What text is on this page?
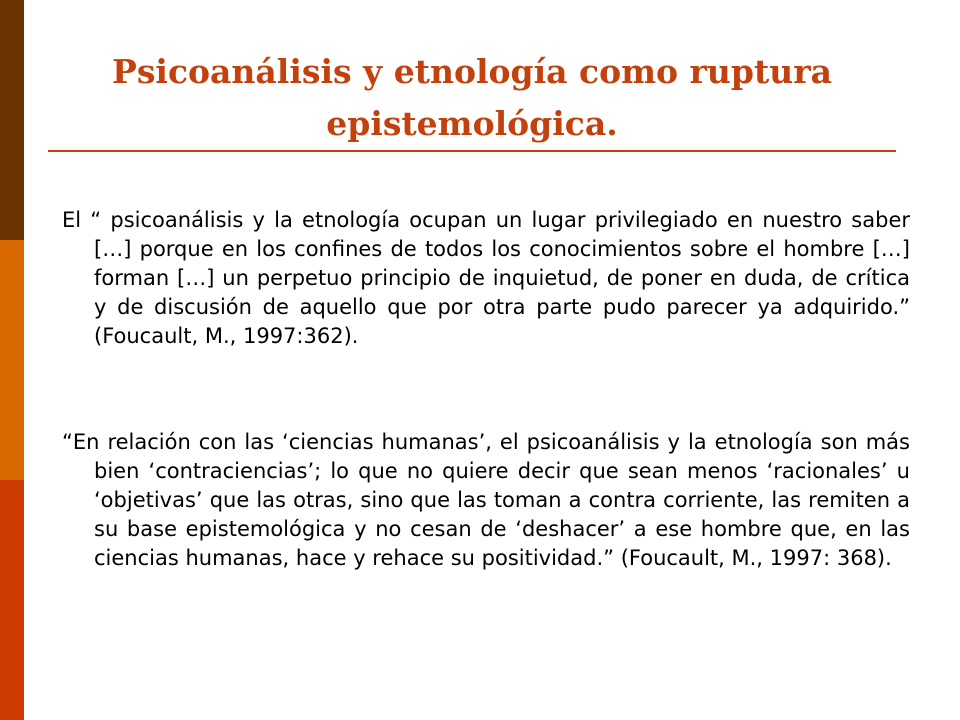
Psicoanálisis y etnología como ruptura epistemológica.

El “ psicoanálisis y la etnología ocupan un lugar privilegiado en nuestro saber […] porque en los confines de todos los conocimientos sobre el hombre […] forman […] un perpetuo principio de inquietud, de poner en duda, de crítica y de discusión de aquello que por otra parte pudo parecer ya adquirido.” (Foucault, M., 1997:362).

“En relación con las ‘ciencias humanas’, el psicoanálisis y la etnología son más bien ‘contraciencias’; lo que no quiere decir que sean menos ‘racionales’ u ‘objetivas’ que las otras, sino que las toman a contra corriente, las remiten a su base epistemológica y no cesan de ‘deshacer’ a ese hombre que, en las ciencias humanas, hace y rehace su positividad.” (Foucault, M., 1997: 368).
